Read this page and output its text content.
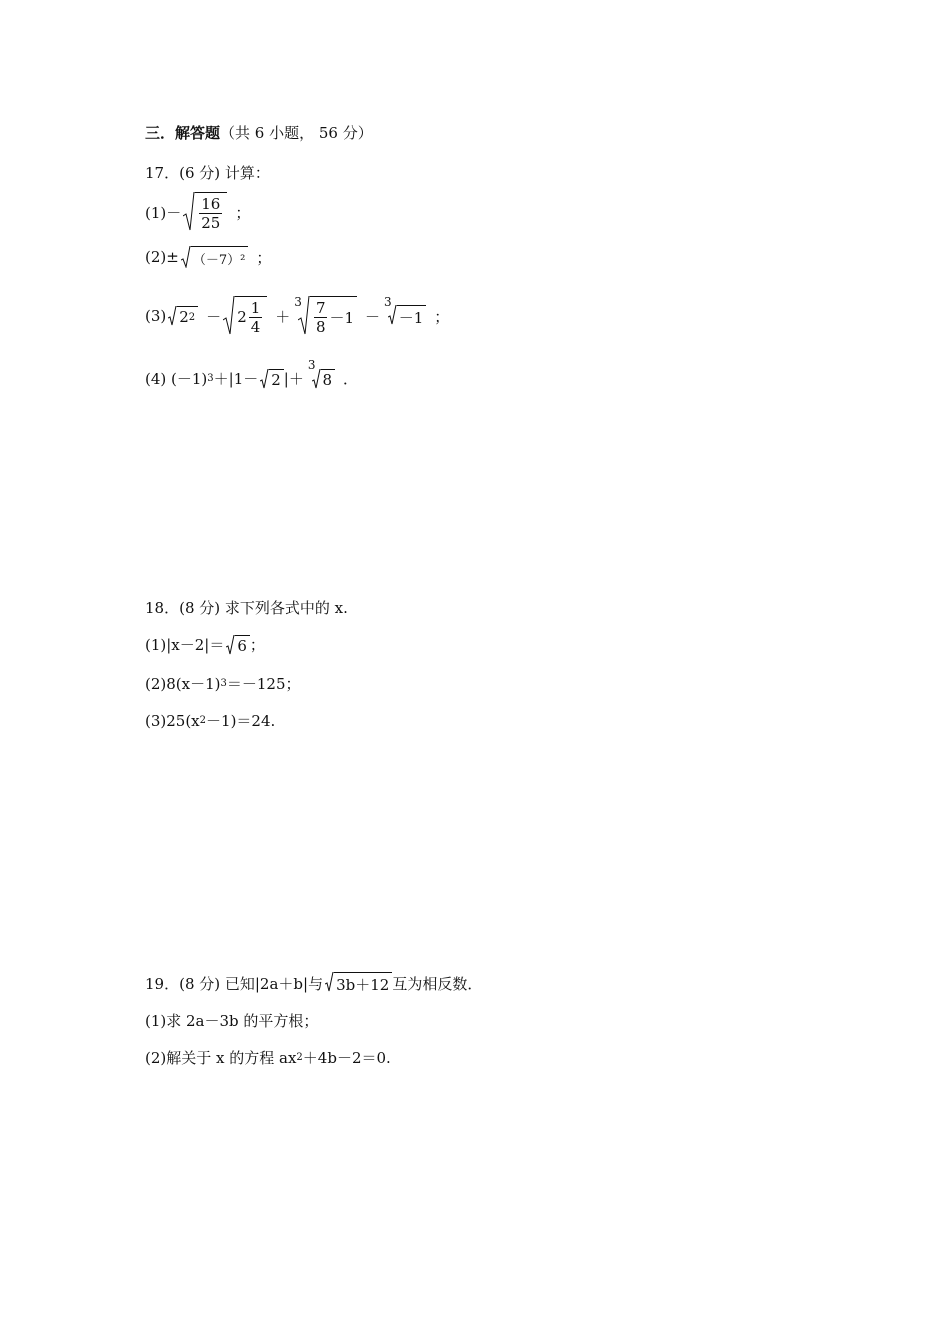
三．解答题 （共 6 小题， 56 分）
17．(6 分) 计算：
$(1)- \frac{16}{25}$ ；
(2)± （－7）² ；
(3) 2 $2 - 2 \frac{1}{4}$ ＋
$3 \frac{7}{8} -1$ －
3
－1 ；
(4) (－1) 3 ＋|1－ 2 |＋
3
8 ．
18．(8 分) 求下列各式中的 x.
(1)|x－2|＝ 6 ；
(2)8(x－1) 3 ＝－125；
(3)25(x 2 －1)＝24.
19．(8 分) 已知|2a＋b|与 3b＋12 互为相反数．
(1)求 2a－3b 的平方根；
(2)解关于 x 的方程 ax 2 ＋4b－2＝0.
